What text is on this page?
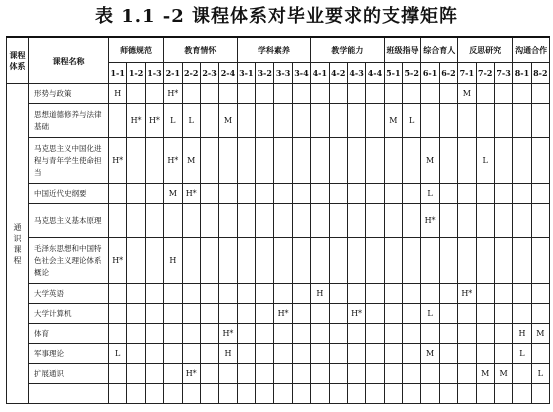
表 1.1 -2 课程体系对毕业要求的支撑矩阵
课程体系	课程名称	师德规范			教育情怀				学科素养				教学能力				班级指导		综合育人		反思研究			沟通合作	
		1-1	1-2	1-3	2-1	2-2	2-3	2-4	3-1	3-2	3-3	3-4	4-1	4-2	4-3	4-4	5-1	5-2	6-1	6-2	7-1	7-2	7-3	8-1	8-2
通识课程	形势与政策	H			H*																M				
	思想道德修养与法律基础		H*	H*	L	L		M									M	L							
	马克思主义中国化进程与青年学生使命担当	H*			H*	M													M			L			
	中国近代史纲要				M	H*													L						
	马克思主义基本原理																		H*						
	毛泽东思想和中国特色社会主义理论体系概论	H*			H																				
	大学英语												H								H*				
	大学计算机										H*				H*				L						
	体育							H*																H	M
	军事理论	L						H											M					L	
	扩展通识					H*																M	M		L
